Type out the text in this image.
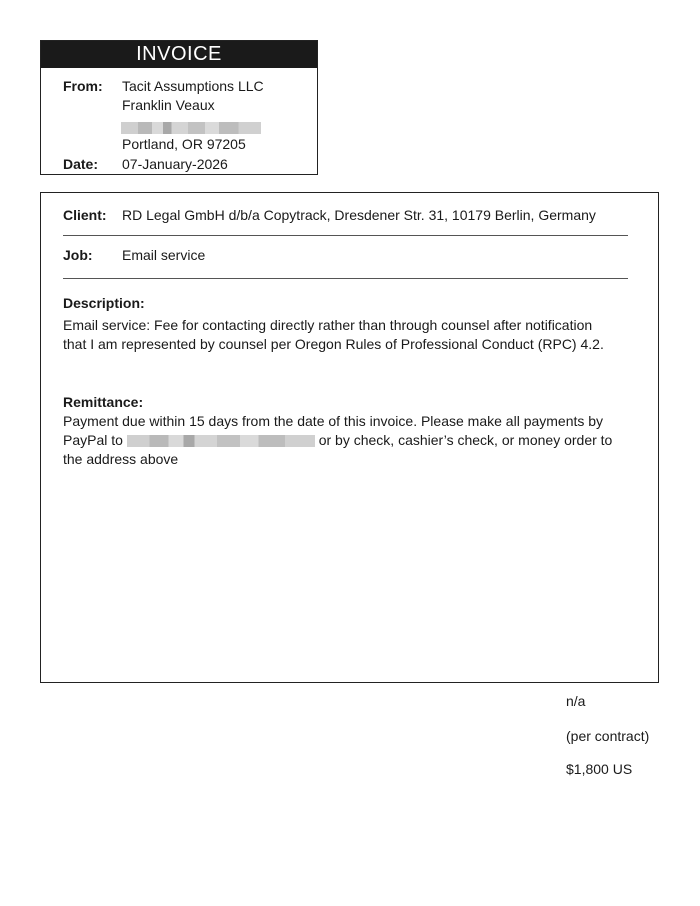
INVOICE
From: Tacit Assumptions LLC
Franklin Veaux
Portland, OR 97205
Date: 07-January-2026
Client: RD Legal GmbH d/b/a Copytrack, Dresdener Str. 31, 10179 Berlin, Germany
Job: Email service
Description:
Email service: Fee for contacting directly rather than through counsel after notification
that I am represented by counsel per Oregon Rules of Professional Conduct (RPC) 4.2.
Remittance:
Payment due within 15 days from the date of this invoice. Please make all payments by
PayPal to	or by check, cashier’s check, or money order to
the address above
n/a
(per contract)
$1,800 US
